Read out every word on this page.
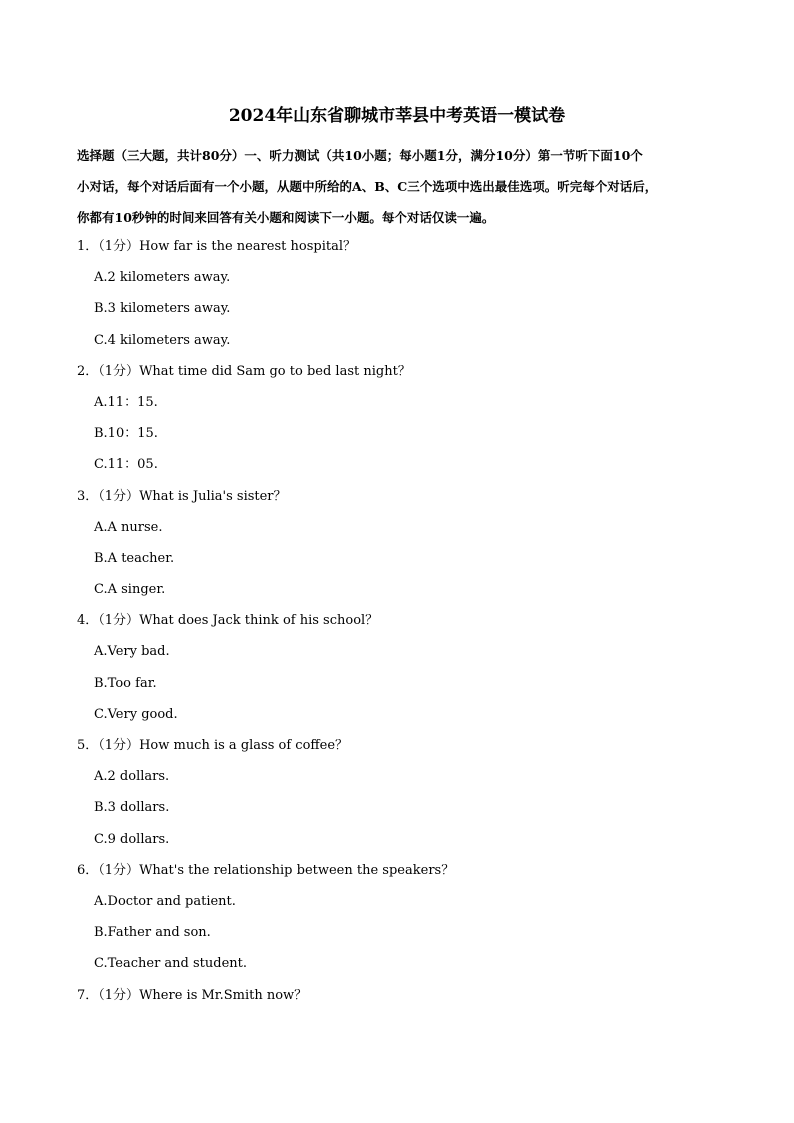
2024年山东省聊城市莘县中考英语一模试卷
选择题（三大题，共计80分）一、听力测试（共10小题；每小题1分，满分10分）第一节听下面10个
小对话，每个对话后面有一个小题，从题中所给的A、B、C三个选项中选出最佳选项。听完每个对话后，
你都有10秒钟的时间来回答有关小题和阅读下一小题。每个对话仅读一遍。
1．（1分）How far is the nearest hospital？
A.2 kilometers away.
B.3 kilometers away.
C.4 kilometers away.
2．（1分）What time did Sam go to bed last night？
A.11：15.
B.10：15.
C.11：05.
3．（1分）What is Julia's sister？
A.A nurse.
B.A teacher.
C.A singer.
4．（1分）What does Jack think of his school？
A.Very bad.
B.Too far.
C.Very good.
5．（1分）How much is a glass of coffee？
A.2 dollars.
B.3 dollars.
C.9 dollars.
6．（1分）What's the relationship between the speakers？
A.Doctor and patient.
B.Father and son.
C.Teacher and student.
7．（1分）Where is Mr.Smith now？
